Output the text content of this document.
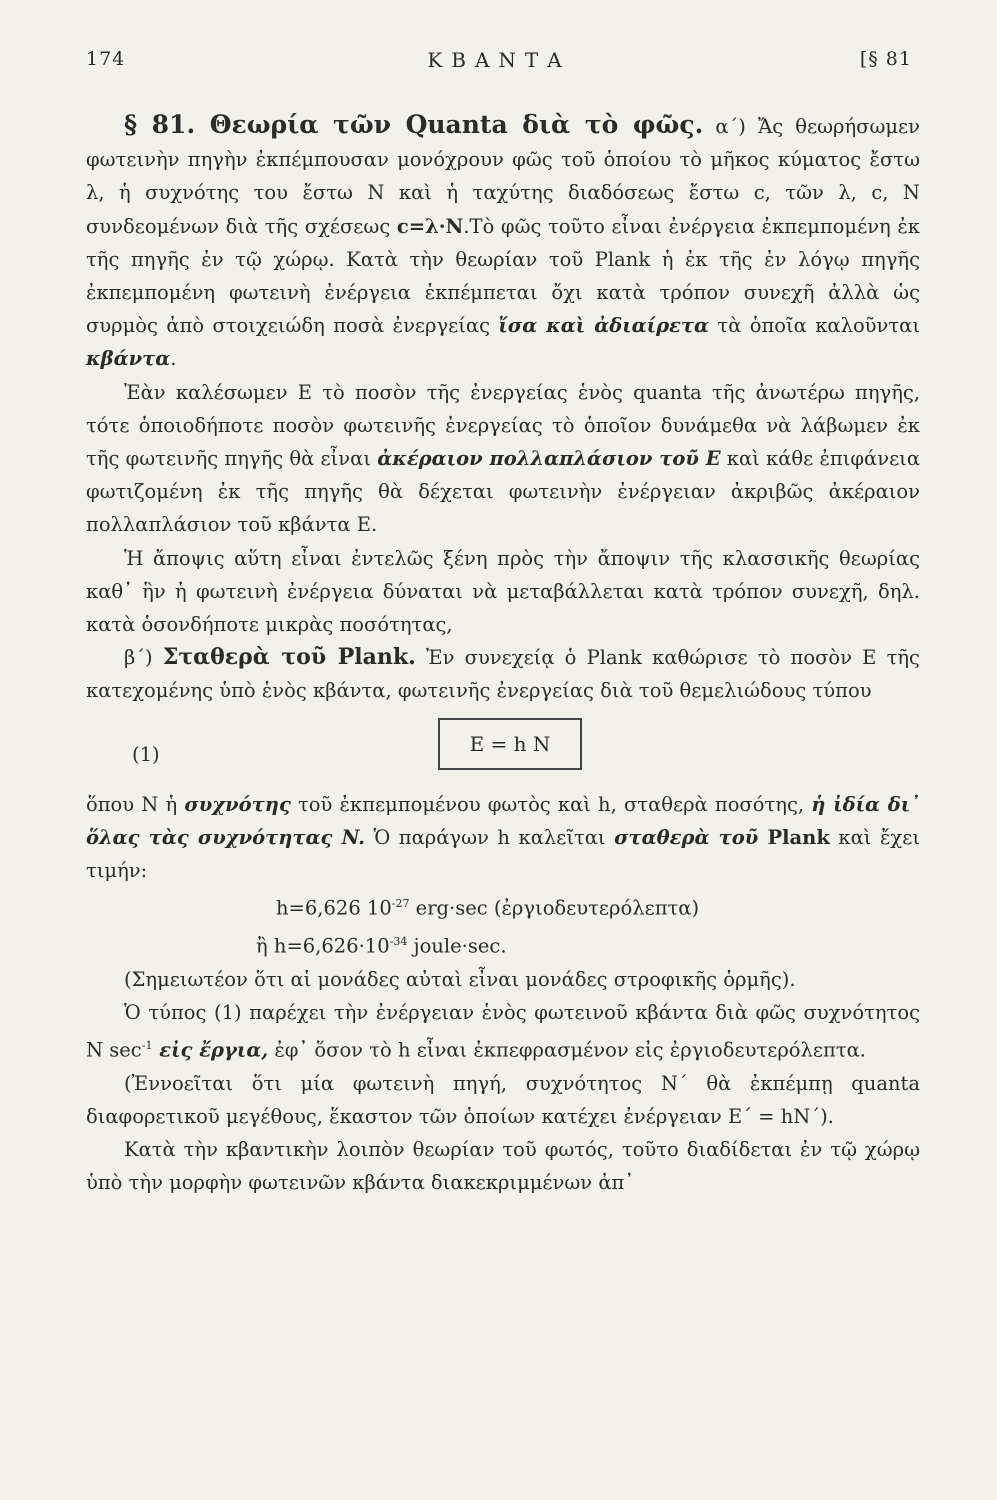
174	ΚΒΑΝΤΑ	[§ 81

§ 81. Θεωρία τῶν Quanta διὰ τὸ φῶς. α΄) Ἄς θεωρήσωμεν φωτεινὴν πηγὴν ἐκπέμπουσαν μονόχρουν φῶς τοῦ ὁποίου τὸ μῆκος κύματος ἔστω λ, ἡ συχνότης του ἔστω N καὶ ἡ ταχύτης διαδόσεως ἔστω c, τῶν λ, c, N συνδεομένων διὰ τῆς σχέσεως c=λ·N.Τὸ φῶς τοῦτο εἶναι ἐνέργεια ἐκπεμπομένη ἐκ τῆς πηγῆς ἐν τῷ χώρῳ. Κατὰ τὴν θεωρίαν τοῦ Plank ἡ ἐκ τῆς ἐν λόγῳ πηγῆς ἐκπεμπομένη φωτεινὴ ἐνέργεια ἐκπέμπεται ὄχι κατὰ τρόπον συνεχῆ ἀλλὰ ὡς συρμὸς ἀπὸ στοιχειώδη ποσὰ ἐνεργείας ἴσα καὶ ἀδιαίρετα τὰ ὁποῖα καλοῦνται κβάντα.

Ἐὰν καλέσωμεν E τὸ ποσὸν τῆς ἐνεργείας ἑνὸς quanta τῆς ἀνωτέρω πηγῆς, τότε ὁποιοδήποτε ποσὸν φωτεινῆς ἐνεργείας τὸ ὁποῖον δυνάμεθα νὰ λάβωμεν ἐκ τῆς φωτεινῆς πηγῆς θὰ εἶναι ἀκέραιον πολλαπλάσιον τοῦ E καὶ κάθε ἐπιφάνεια φωτιζομένη ἐκ τῆς πηγῆς θὰ δέχεται φωτεινὴν ἐνέργειαν ἀκριβῶς ἀκέραιον πολλαπλάσιον τοῦ κβάντα E.

Ἡ ἄποψις αὕτη εἶναι ἐντελῶς ξένη πρὸς τὴν ἄποψιν τῆς κλασσικῆς θεωρίας καθ᾽ ἣν ἡ φωτεινὴ ἐνέργεια δύναται νὰ μεταβάλλεται κατὰ τρόπον συνεχῆ, δηλ. κατὰ ὁσονδήποτε μικρὰς ποσότητας,

β΄) Σταθερὰ τοῦ Plank. Ἐν συνεχείᾳ ὁ Plank καθώρισε τὸ ποσὸν E τῆς κατεχομένης ὑπὸ ἑνὸς κβάντα, φωτεινῆς ἐνεργείας διὰ τοῦ θεμελιώδους τύπου

(1)	E = h N

ὅπου N ἡ συχνότης τοῦ ἐκπεμπομένου φωτὸς καὶ h, σταθερὰ ποσότης, ἡ ἰδία δι᾽ ὅλας τὰς συχνότητας N. Ὁ παράγων h καλεῖται σταθερὰ τοῦ Plank καὶ ἔχει τιμήν:

h=6,626 $10^{-27}$ erg·sec (ἐργιοδευτερόλεπτα)

ἢ $h=6,626\cdot 10^{-34}$ joule·sec.

(Σημειωτέον ὅτι αἱ μονάδες αὐταὶ εἶναι μονάδες στροφικῆς ὁρμῆς).

Ὁ τύπος (1) παρέχει τὴν ἐνέργειαν ἑνὸς φωτεινοῦ κβάντα διὰ φῶς συχνότητος N $\sec^{-1}$ εἰς ἔργια, ἐφ᾽ ὅσον τὸ h εἶναι ἐκπεφρασμένον εἰς ἐργιοδευτερόλεπτα.

(Ἐννοεῖται ὅτι μία φωτεινὴ πηγή, συχνότητος N΄ θὰ ἐκπέμπῃ quanta διαφορετικοῦ μεγέθους, ἕκαστον τῶν ὁποίων κατέχει ἐνέργειαν E΄ = hN΄).

Κατὰ τὴν κβαντικὴν λοιπὸν θεωρίαν τοῦ φωτός, τοῦτο διαδίδεται ἐν τῷ χώρῳ ὑπὸ τὴν μορφὴν φωτεινῶν κβάντα διακεκριμμένων ἀπ᾽
